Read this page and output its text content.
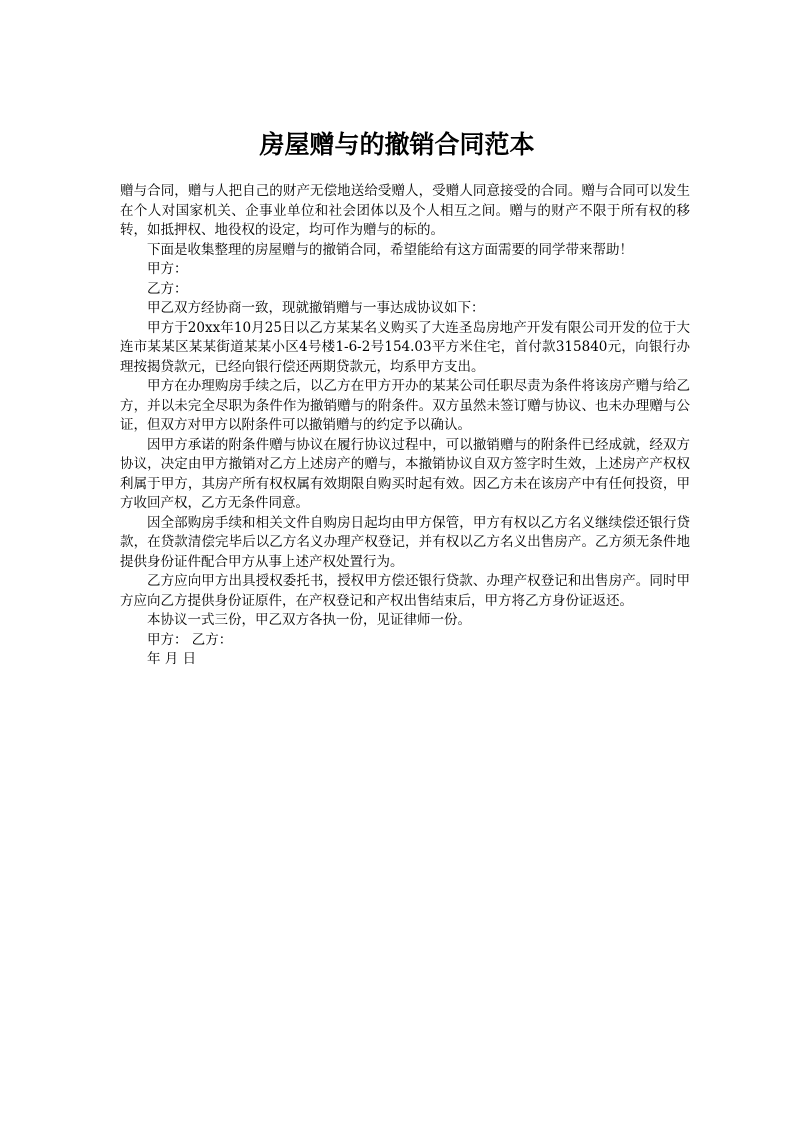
房屋赠与的撤销合同范本

赠与合同，赠与人把自己的财产无偿地送给受赠人，受赠人同意接受的合同。赠与合同可以发生在个人对国家机关、企事业单位和社会团体以及个人相互之间。赠与的财产不限于所有权的移转，如抵押权、地役权的设定，均可作为赠与的标的。

下面是收集整理的房屋赠与的撤销合同，希望能给有这方面需要的同学带来帮助！

甲方：

乙方：

甲乙双方经协商一致，现就撤销赠与一事达成协议如下：

甲方于20xx年10月25日以乙方某某名义购买了大连圣岛房地产开发有限公司开发的位于大连市某某区某某街道某某小区4号楼1-6-2号154.03平方米住宅，首付款315840元，向银行办理按揭贷款元，已经向银行偿还两期贷款元，均系甲方支出。

甲方在办理购房手续之后，以乙方在甲方开办的某某公司任职尽责为条件将该房产赠与给乙方，并以未完全尽职为条件作为撤销赠与的附条件。双方虽然未签订赠与协议、也未办理赠与公证，但双方对甲方以附条件可以撤销赠与的约定予以确认。

因甲方承诺的附条件赠与协议在履行协议过程中，可以撤销赠与的附条件已经成就，经双方协议，决定由甲方撤销对乙方上述房产的赠与，本撤销协议自双方签字时生效，上述房产产权权利属于甲方，其房产所有权权属有效期限自购买时起有效。因乙方未在该房产中有任何投资，甲方收回产权，乙方无条件同意。

因全部购房手续和相关文件自购房日起均由甲方保管，甲方有权以乙方名义继续偿还银行贷款，在贷款清偿完毕后以乙方名义办理产权登记，并有权以乙方名义出售房产。乙方须无条件地提供身份证件配合甲方从事上述产权处置行为。

乙方应向甲方出具授权委托书，授权甲方偿还银行贷款、办理产权登记和出售房产。同时甲方应向乙方提供身份证原件，在产权登记和产权出售结束后，甲方将乙方身份证返还。

本协议一式三份，甲乙双方各执一份，见证律师一份。

甲方： 乙方：

年 月 日
